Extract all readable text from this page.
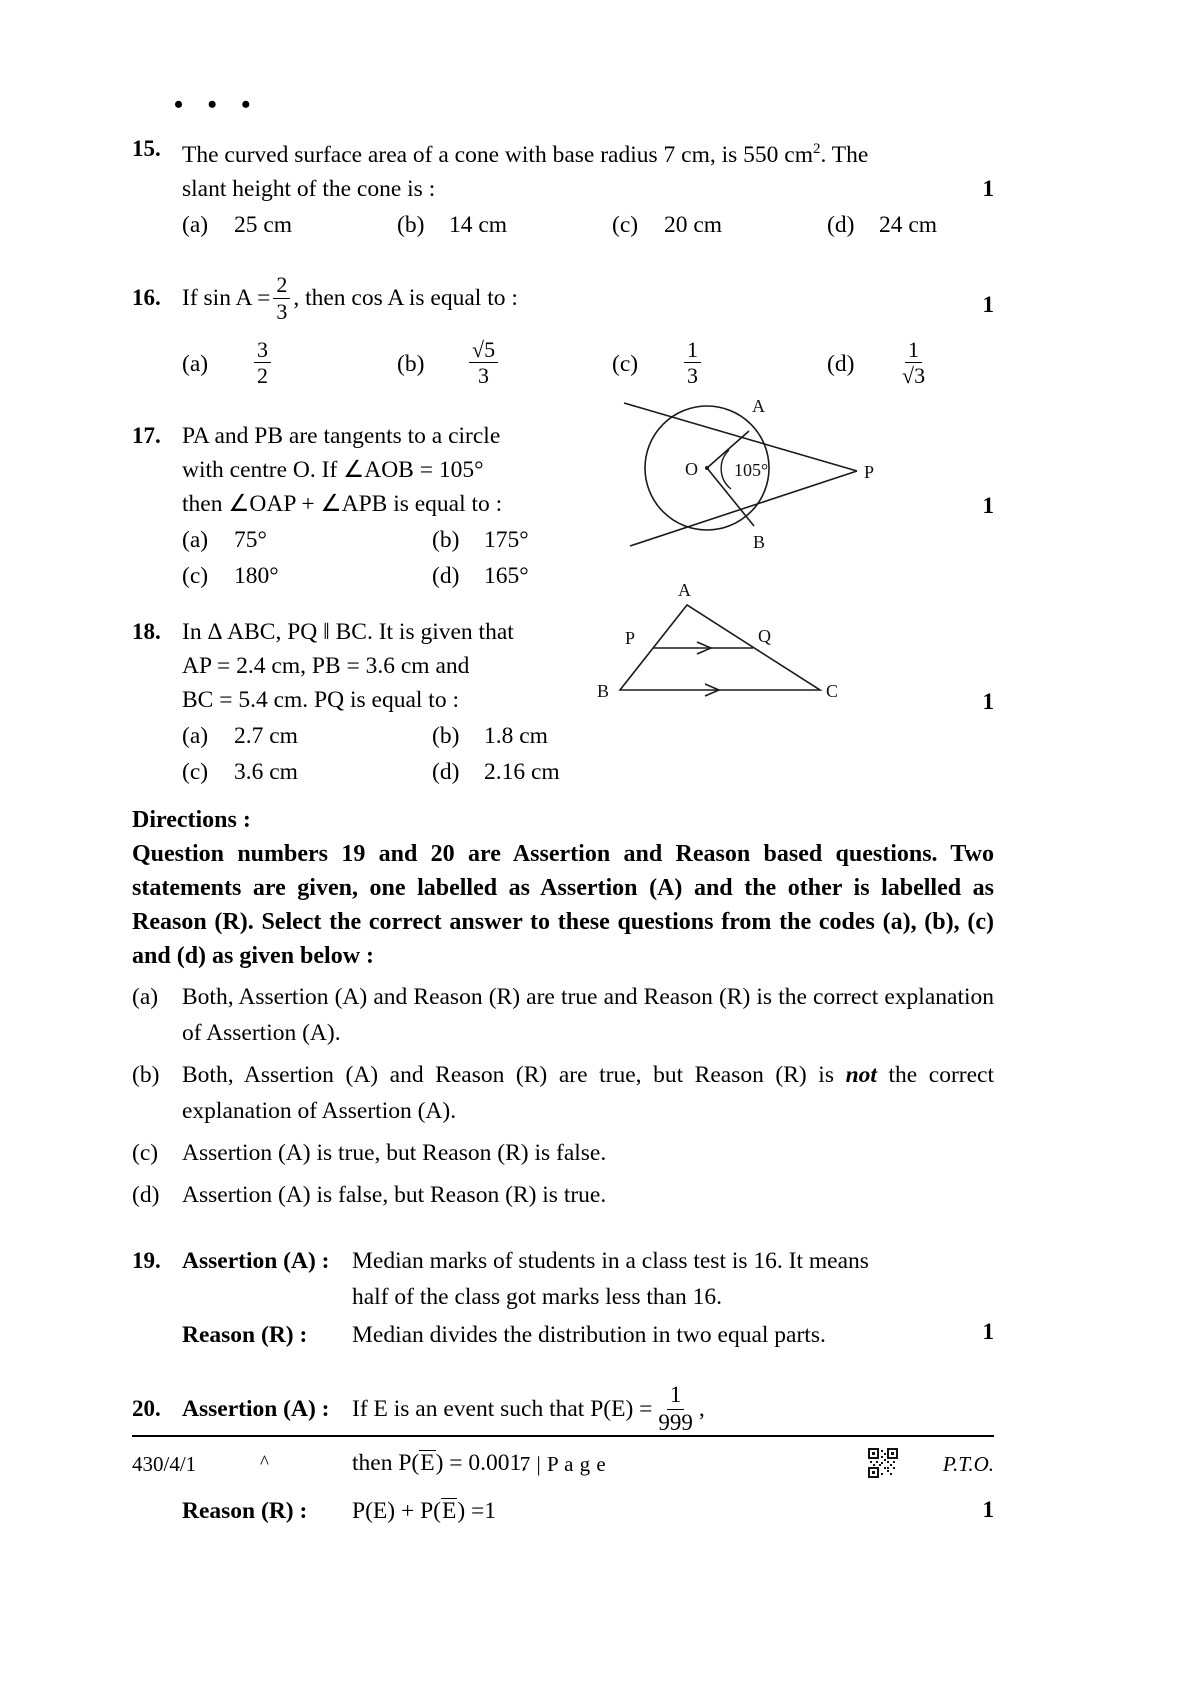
• • •
1
15. The curved surface area of a cone with base radius 7 cm, is 550 $cm^2$. The
slant height of the cone is :
(a)	25 cm	(b)	14 cm	(c)	20 cm	(d)	24 cm
1
16. If $\sin A = \frac{2}{3}$ , then cos A is equal to :
(a)	$\frac{3}{2}$	(b)	$\frac{√5}{3}$	(c)	$\frac{1}{3}$	(d)	$\frac{1}{√3}$
1
17. PA and PB are tangents to a circle
with centre O. If ∠AOB = 105°
then ∠OAP + ∠APB is equal to :
(a)	75°	(b)	175°
(c)	180°	(d)	165°
1
18. In Δ ABC, PQ ‖ BC. It is given that
AP = 2.4 cm, PB = 3.6 cm and
BC = 5.4 cm. PQ is equal to :
(a)	2.7 cm	(b)	1.8 cm
(c)	3.6 cm	(d)	2.16 cm
Directions :
Question numbers 19 and 20 are Assertion and Reason based questions. Two statements are given, one labelled as Assertion (A) and the other is labelled as Reason (R). Select the correct answer to these questions from the codes (a), (b), (c) and (d) as given below :
(a)	Both, Assertion (A) and Reason (R) are true and Reason (R) is the correct explanation of Assertion (A).
(b) Both, Assertion (A) and Reason (R) are true, but Reason (R) is not the correct explanation of Assertion (A).
(c)	Assertion (A) is true, but Reason (R) is false.
(d) Assertion (A) is false, but Reason (R) is true.
1
19. Assertion (A) : Median marks of students in a class test is 16. It means
half of the class got marks less than 16.
Reason (R) :	Median divides the distribution in two equal parts.
1
20. Assertion (A) : If E is an event such that $P(E) = \frac{1}{999}$ ,
then P(E) = 0.001.
Reason (R) :	P(E) + P(E) =1
O 105°
A
B
P
A
P	Q
B	C
430/4/1	^	7 | P a g e	P.T.O.
